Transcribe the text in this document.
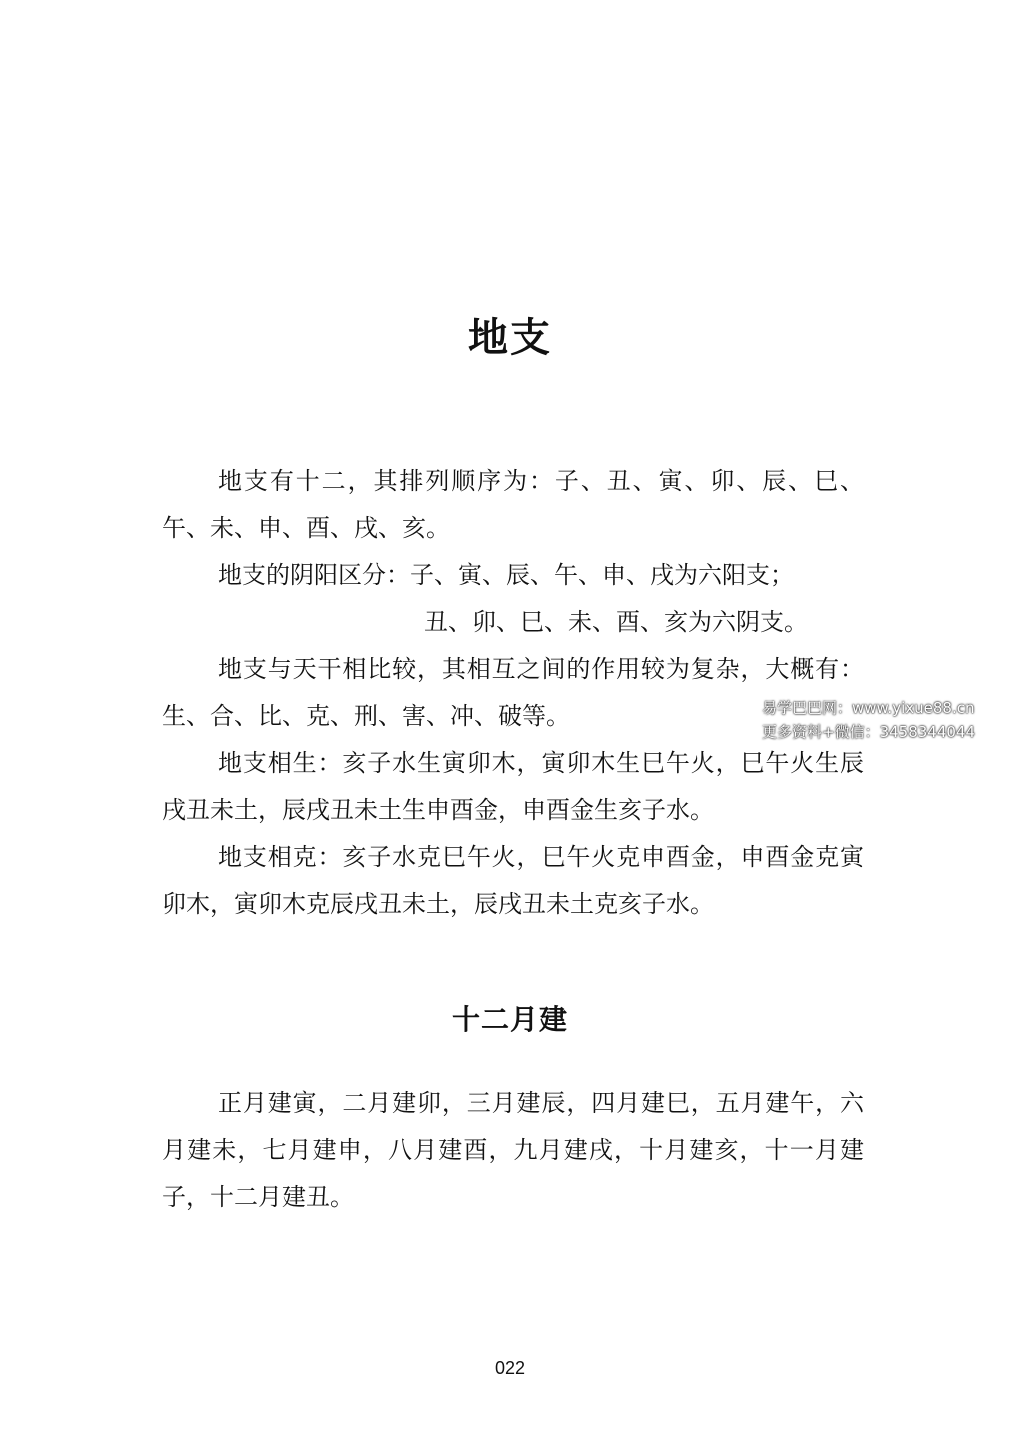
地支

地支有十二，其排列顺序为：子、丑、寅、卯、辰、巳、午、未、申、酉、戌、亥。

地支的阴阳区分：子、寅、辰、午、申、戌为六阳支；

丑、卯、巳、未、酉、亥为六阴支。

地支与天干相比较，其相互之间的作用较为复杂，大概有：生、合、比、克、刑、害、冲、破等。

地支相生：亥子水生寅卯木，寅卯木生巳午火，巳午火生辰戌丑未土，辰戌丑未土生申酉金，申酉金生亥子水。

地支相克：亥子水克巳午火，巳午火克申酉金，申酉金克寅卯木，寅卯木克辰戌丑未土，辰戌丑未土克亥子水。

十二月建

正月建寅，二月建卯，三月建辰，四月建巳，五月建午，六月建未，七月建申，八月建酉，九月建戌，十月建亥，十一月建子，十二月建丑。

022
易学巴巴网：www.yixue88.cn
更多资料+微信：3458344044
